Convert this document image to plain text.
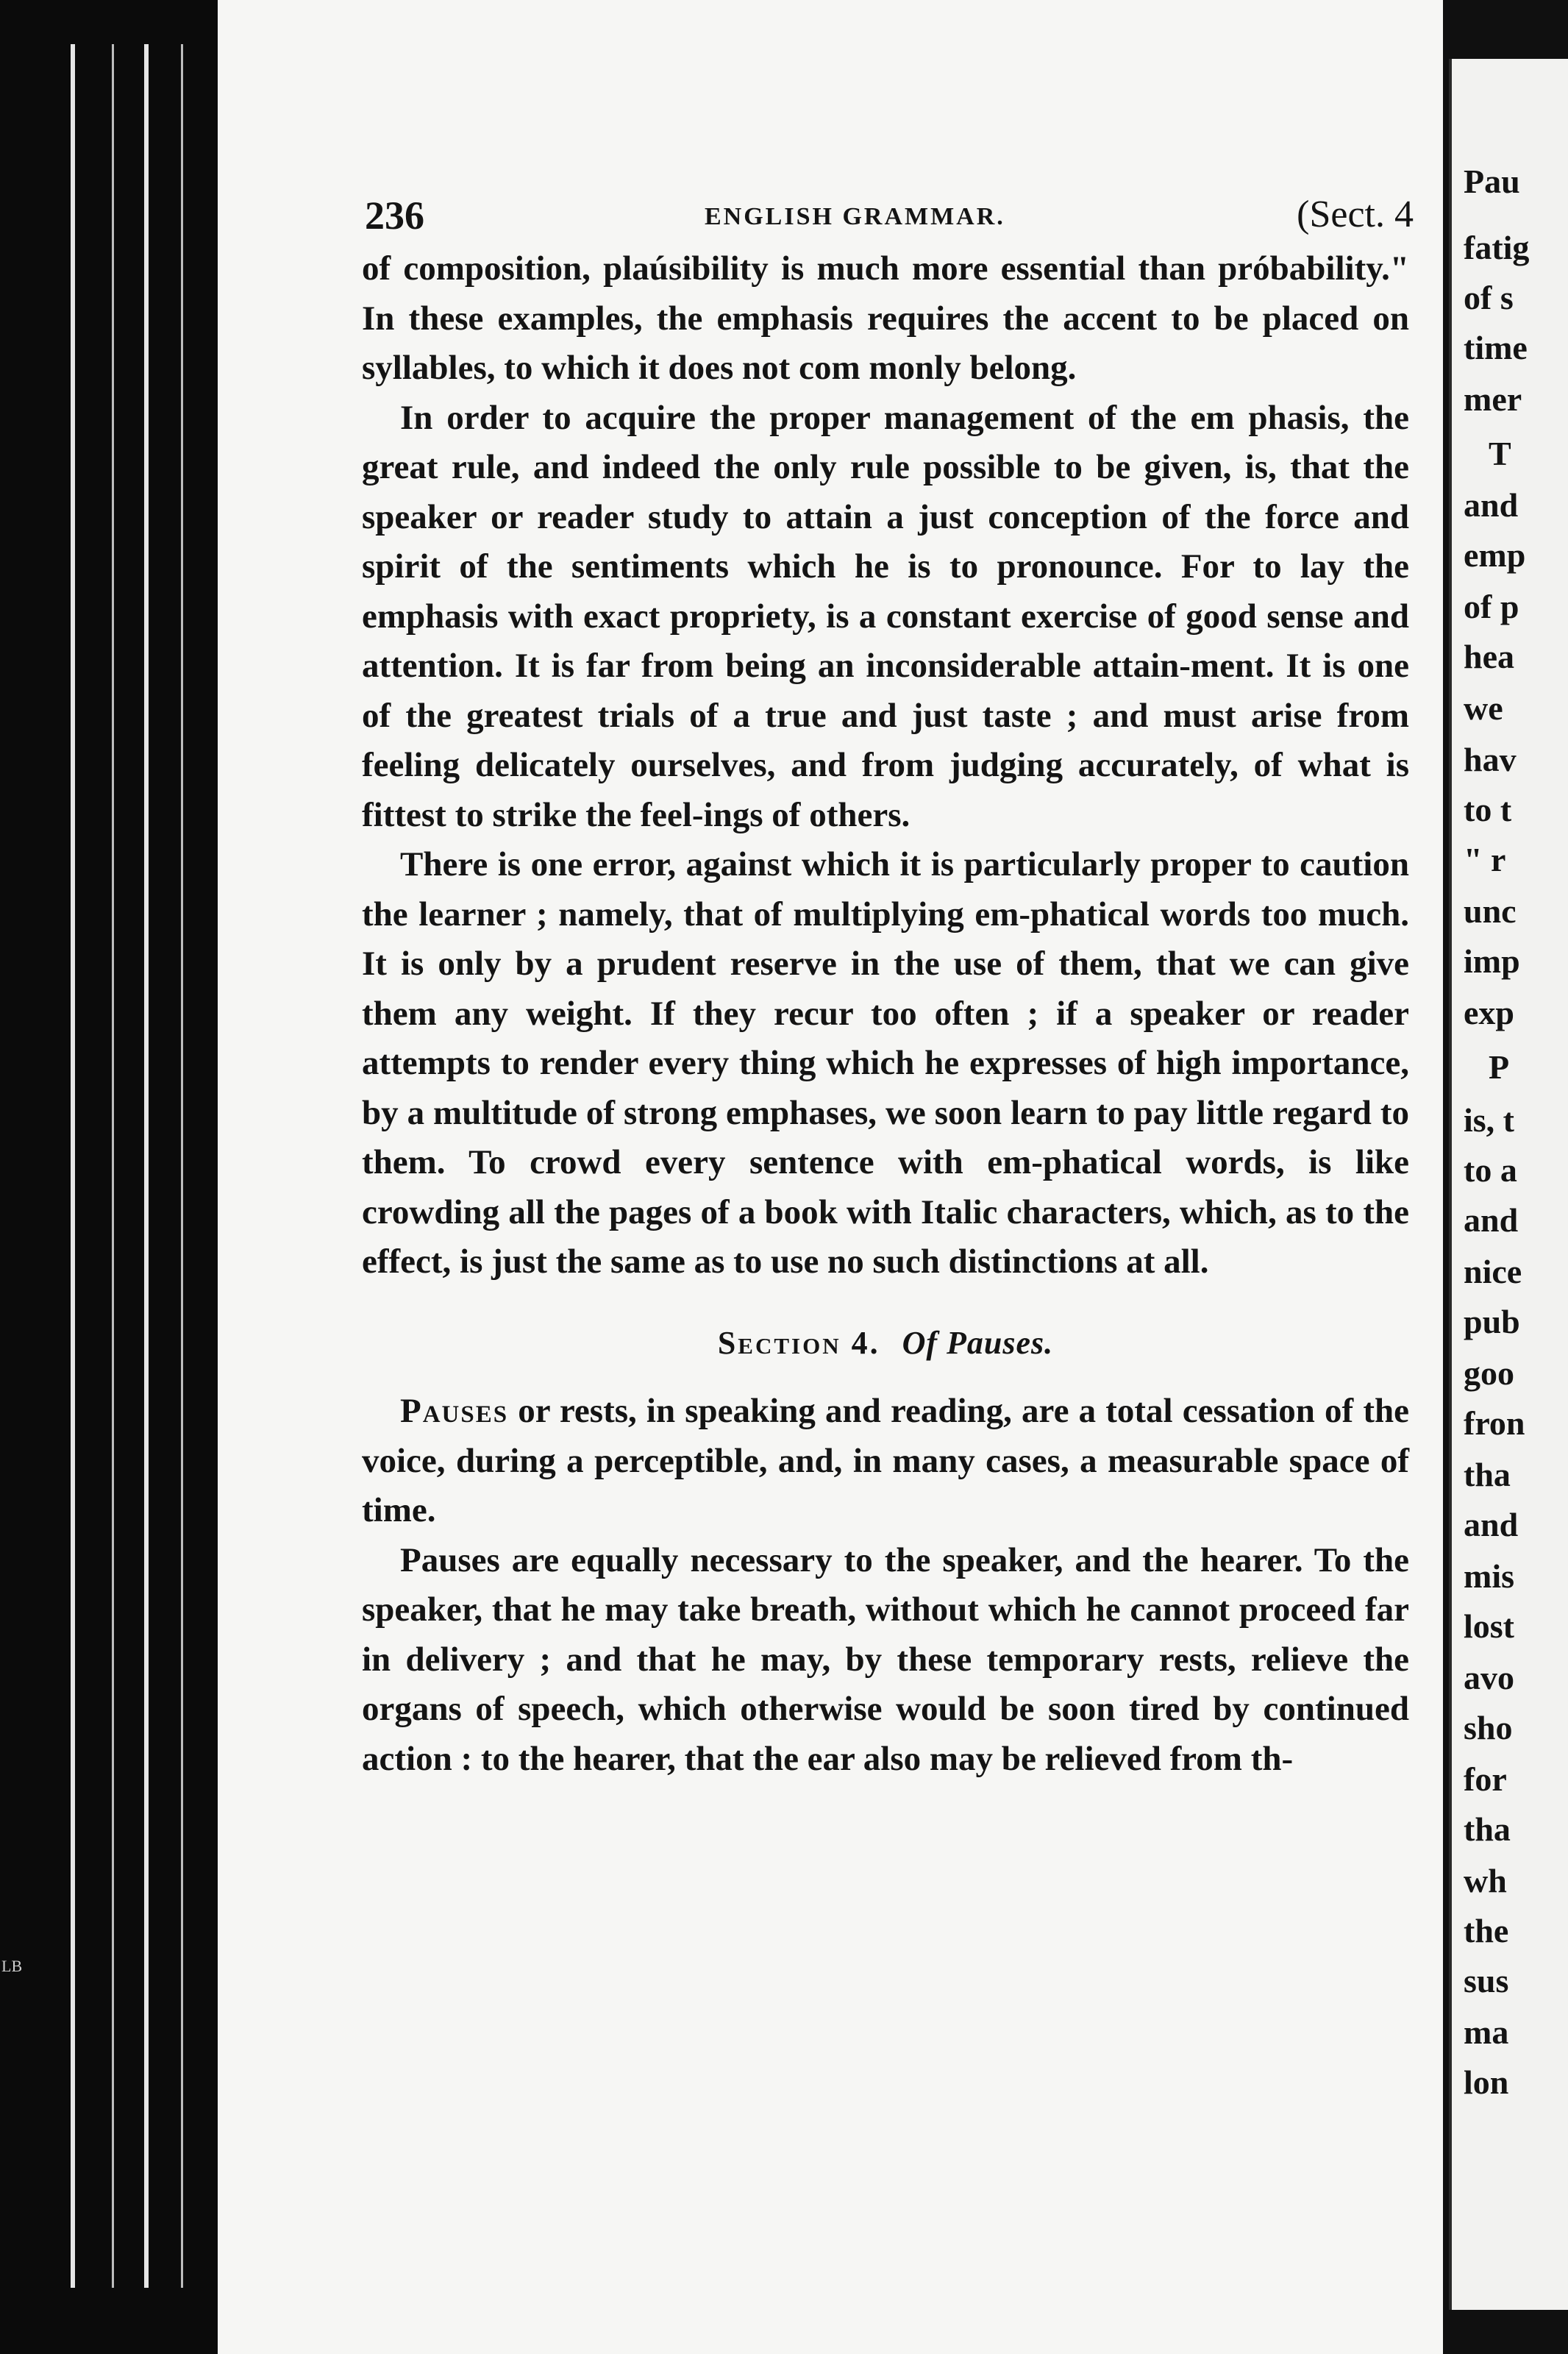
LB
236	ENGLISH GRAMMAR.	(Sect. 4

of composition, plaúsibility is much more essential than próbability." In these examples, the emphasis requires the accent to be placed on syllables, to which it does not com monly belong.

In order to acquire the proper management of the em phasis, the great rule, and indeed the only rule possible to be given, is, that the speaker or reader study to attain a just conception of the force and spirit of the sentiments which he is to pronounce. For to lay the emphasis with exact propriety, is a constant exercise of good sense and attention. It is far from being an inconsiderable attain-ment. It is one of the greatest trials of a true and just taste ; and must arise from feeling delicately ourselves, and from judging accurately, of what is fittest to strike the feel-ings of others.

There is one error, against which it is particularly proper to caution the learner ; namely, that of multiplying em-phatical words too much. It is only by a prudent reserve in the use of them, that we can give them any weight. If they recur too often ; if a speaker or reader attempts to render every thing which he expresses of high importance, by a multitude of strong emphases, we soon learn to pay little regard to them. To crowd every sentence with em-phatical words, is like crowding all the pages of a book with Italic characters, which, as to the effect, is just the same as to use no such distinctions at all.

Section 4. Of Pauses.

Pauses or rests, in speaking and reading, are a total cessation of the voice, during a perceptible, and, in many cases, a measurable space of time.

Pauses are equally necessary to the speaker, and the hearer. To the speaker, that he may take breath, without which he cannot proceed far in delivery ; and that he may, by these temporary rests, relieve the organs of speech, which otherwise would be soon tired by continued action : to the hearer, that the ear also may be relieved from th-

Pau
fatig
of s
time
mer
T
and
emp
of p
hea
we
hav
to t
" r
unc
imp
exp
P
is, t
to a
and
nice
pub
goo
fron
tha
and
mis
lost
avo
sho
for
tha
wh
the
sus
ma
lon
